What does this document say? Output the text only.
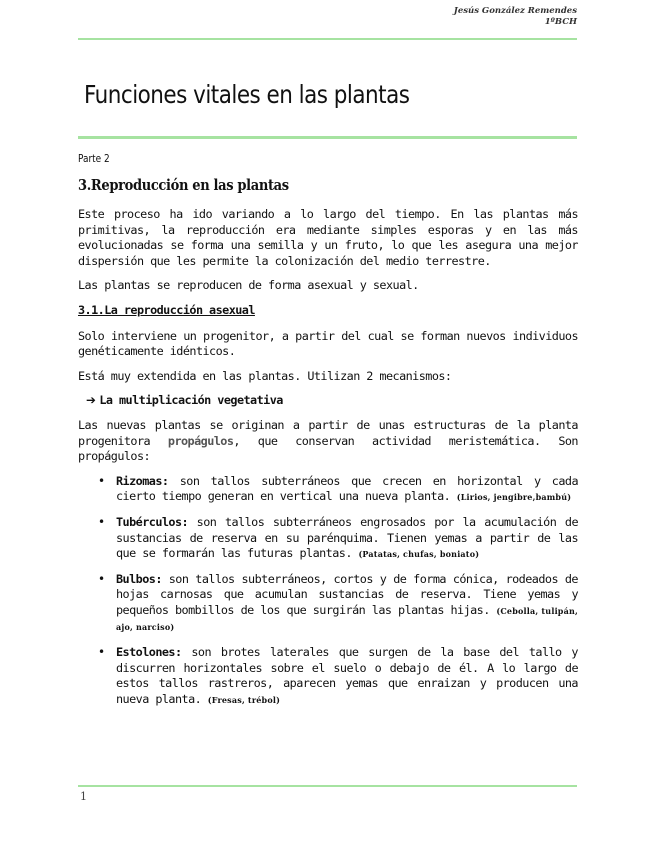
Jesús González Remendes
1ºBCH
Funciones vitales en las plantas
Parte 2
3.Reproducción en las plantas

Este proceso ha ido variando a lo largo del tiempo. En las plantas más primitivas, la reproducción era mediante simples esporas y en las más evolucionadas se forma una semilla y un fruto, lo que les asegura una mejor dispersión que les permite la colonización del medio terrestre.

Las plantas se reproducen de forma asexual y sexual.

3.1.La reproducción asexual

Solo interviene un progenitor, a partir del cual se forman nuevos individuos genéticamente idénticos.

Está muy extendida en las plantas. Utilizan 2 mecanismos:

➔ La multiplicación vegetativa

Las nuevas plantas se originan a partir de unas estructuras de la planta progenitora propágulos, que conservan actividad meristemática. Son propágulos:

• Rizomas: son tallos subterráneos que crecen en horizontal y cada cierto tiempo generan en vertical una nueva planta. (Lirios, jengibre,bambú)
• Tubérculos: son tallos subterráneos engrosados por la acumulación de sustancias de reserva en su parénquima. Tienen yemas a partir de las que se formarán las futuras plantas. (Patatas, chufas, boniato)
• Bulbos: son tallos subterráneos, cortos y de forma cónica, rodeados de hojas carnosas que acumulan sustancias de reserva. Tiene yemas y pequeños bombillos de los que surgirán las plantas hijas. (Cebolla, tulipán, ajo, narciso)
• Estolones: son brotes laterales que surgen de la base del tallo y discurren horizontales sobre el suelo o debajo de él. A lo largo de estos tallos rastreros, aparecen yemas que enraizan y producen una nueva planta. (Fresas, trébol)
1
